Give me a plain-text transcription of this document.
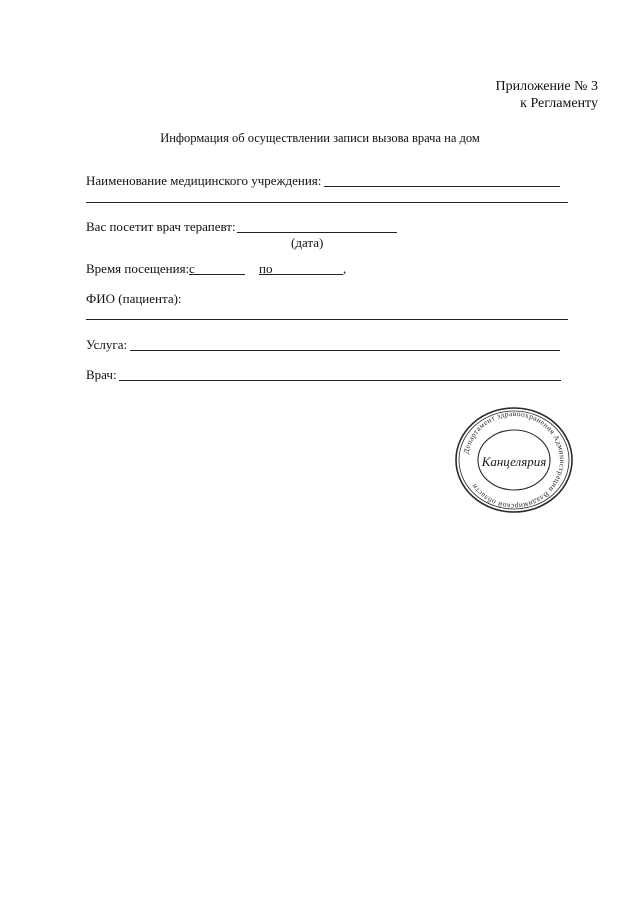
Приложение № 3
к Регламенту
Информация об осуществлении записи вызова врача на дом
Наименование медицинского учреждения:
Вас посетит врач терапевт:
(дата)
Время посещения: с	по	,
ФИО (пациента):
Услуга:
Врач:
Департамент здравоохранения Администрации Владимирской области
Канцелярия
